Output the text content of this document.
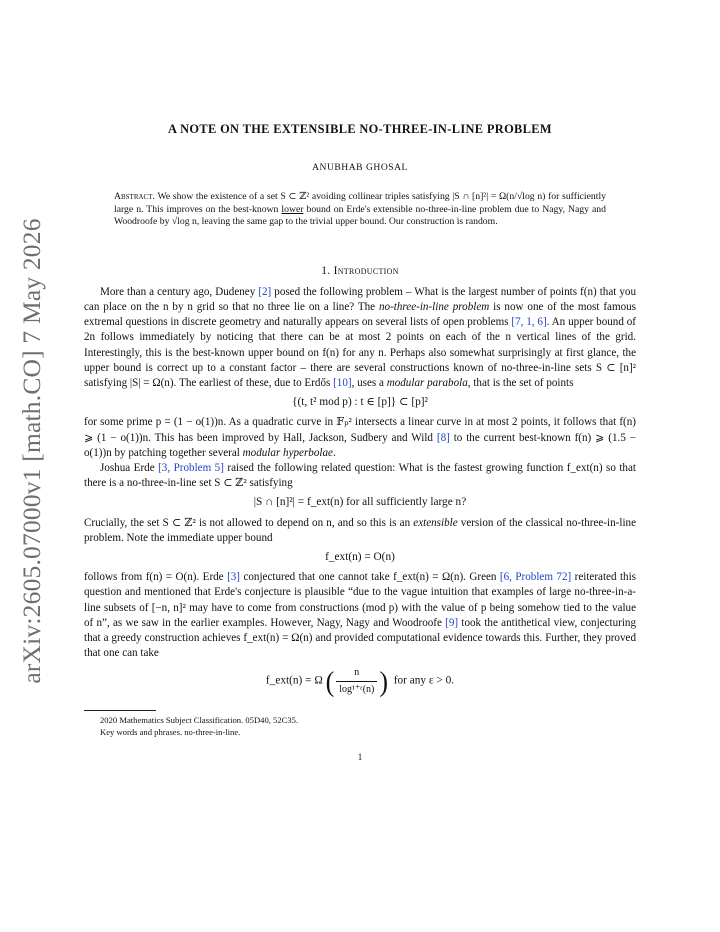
arXiv:2605.07000v1 [math.CO] 7 May 2026
A NOTE ON THE EXTENSIBLE NO-THREE-IN-LINE PROBLEM
ANUBHAB GHOSAL
Abstract. We show the existence of a set S ⊂ ℤ² avoiding collinear triples satisfying |S ∩ [n]²| = Ω(n/√log n) for sufficiently large n. This improves on the best-known lower bound on Erde's extensible no-three-in-line problem due to Nagy, Nagy and Woodroofe by √log n, leaving the same gap to the trivial upper bound. Our construction is random.
1. Introduction

More than a century ago, Dudeney [2] posed the following problem – What is the largest number of points f(n) that you can place on the n by n grid so that no three lie on a line? The no-three-in-line problem is now one of the most famous extremal questions in discrete geometry and naturally appears on several lists of open problems [7, 1, 6]. An upper bound of 2n follows immediately by noticing that there can be at most 2 points on each of the n vertical lines of the grid. Interestingly, this is the best-known upper bound on f(n) for any n. Perhaps also somewhat surprisingly at first glance, the upper bound is correct up to a constant factor – there are several constructions known of no-three-in-line sets S ⊂ [n]² satisfying |S| = Ω(n). The earliest of these, due to Erdős [10], uses a modular parabola, that is the set of points

{(t, t² mod p) : t ∈ [p]} ⊂ [p]²

for some prime p = (1 − o(1))n. As a quadratic curve in 𝔽ₚ² intersects a linear curve in at most 2 points, it follows that f(n) ⩾ (1 − o(1))n. This has been improved by Hall, Jackson, Sudbery and Wild [8] to the current best-known f(n) ⩾ (1.5 − o(1))n by patching together several modular hyperbolae.

Joshua Erde [3, Problem 5] raised the following related question: What is the fastest growing function f_ext(n) so that there is a no-three-in-line set S ⊂ ℤ² satisfying

|S ∩ [n]²| = f_ext(n) for all sufficiently large n?

Crucially, the set S ⊂ ℤ² is not allowed to depend on n, and so this is an extensible version of the classical no-three-in-line problem. Note the immediate upper bound

f_ext(n) = O(n)

follows from f(n) = O(n). Erde [3] conjectured that one cannot take f_ext(n) = Ω(n). Green [6, Problem 72] reiterated this question and mentioned that Erde's conjecture is plausible “due to the vague intuition that examples of large no-three-in-a-line subsets of [−n, n]² may have to come from constructions (mod p) with the value of p being somehow tied to the value of n”, as we saw in the earlier examples. However, Nagy, Nagy and Woodroofe [9] took the antithetical view, conjecturing that a greedy construction achieves f_ext(n) = Ω(n) and provided computational evidence towards this. Further, they proved that one can take

f_ext(n) = Ω ( $\frac{n}{\text{log¹⁺ᵋ(n)}}$ ) for any ε > 0.
2020 Mathematics Subject Classification. 05D40, 52C35.
Key words and phrases. no-three-in-line.
1
